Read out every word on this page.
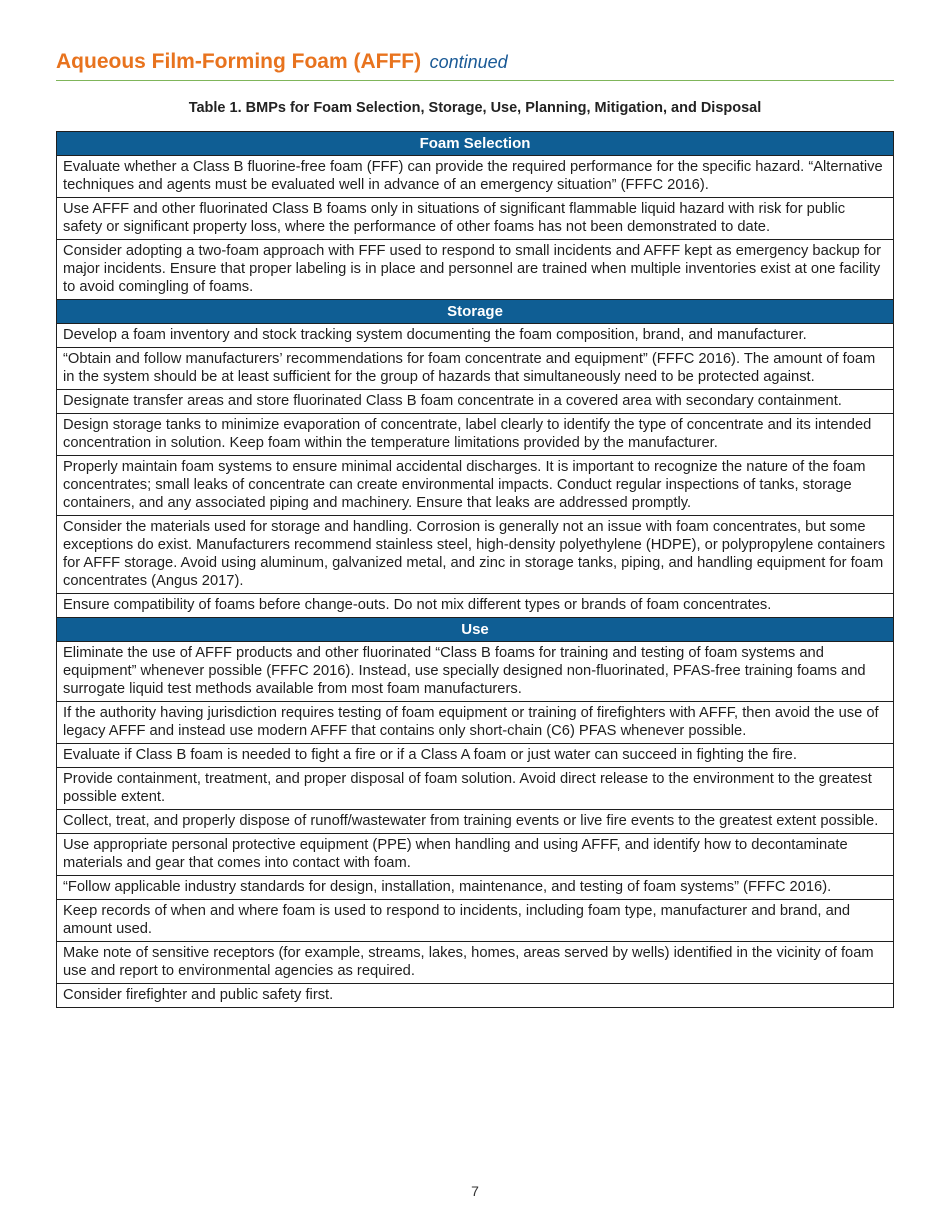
Aqueous Film-Forming Foam (AFFF) continued
Table 1. BMPs for Foam Selection, Storage, Use, Planning, Mitigation, and Disposal
Foam Selection
Evaluate whether a Class B fluorine-free foam (FFF) can provide the required performance for the specific hazard. “Alternative techniques and agents must be evaluated well in advance of an emergency situation” (FFFC 2016).
Use AFFF and other fluorinated Class B foams only in situations of significant flammable liquid hazard with risk for public safety or significant property loss, where the performance of other foams has not been demonstrated to date.
Consider adopting a two-foam approach with FFF used to respond to small incidents and AFFF kept as emergency backup for major incidents. Ensure that proper labeling is in place and personnel are trained when multiple inventories exist at one facility to avoid comingling of foams.
Storage
Develop a foam inventory and stock tracking system documenting the foam composition, brand, and manufacturer.
“Obtain and follow manufacturers’ recommendations for foam concentrate and equipment” (FFFC 2016). The amount of foam in the system should be at least sufficient for the group of hazards that simultaneously need to be protected against.
Designate transfer areas and store fluorinated Class B foam concentrate in a covered area with secondary containment.
Design storage tanks to minimize evaporation of concentrate, label clearly to identify the type of concentrate and its intended concentration in solution. Keep foam within the temperature limitations provided by the manufacturer.
Properly maintain foam systems to ensure minimal accidental discharges. It is important to recognize the nature of the foam concentrates; small leaks of concentrate can create environmental impacts. Conduct regular inspections of tanks, storage containers, and any associated piping and machinery. Ensure that leaks are addressed promptly.
Consider the materials used for storage and handling. Corrosion is generally not an issue with foam concentrates, but some exceptions do exist. Manufacturers recommend stainless steel, high-density polyethylene (HDPE), or polypropylene containers for AFFF storage. Avoid using aluminum, galvanized metal, and zinc in storage tanks, piping, and handling equipment for foam concentrates (Angus 2017).
Ensure compatibility of foams before change-outs. Do not mix different types or brands of foam concentrates.
Use
Eliminate the use of AFFF products and other fluorinated “Class B foams for training and testing of foam systems and equipment” whenever possible (FFFC 2016). Instead, use specially designed non-fluorinated, PFAS-free training foams and surrogate liquid test methods available from most foam manufacturers.
If the authority having jurisdiction requires testing of foam equipment or training of firefighters with AFFF, then avoid the use of legacy AFFF and instead use modern AFFF that contains only short-chain (C6) PFAS whenever possible.
Evaluate if Class B foam is needed to fight a fire or if a Class A foam or just water can succeed in fighting the fire.
Provide containment, treatment, and proper disposal of foam solution. Avoid direct release to the environment to the greatest possible extent.
Collect, treat, and properly dispose of runoff/wastewater from training events or live fire events to the greatest extent possible.
Use appropriate personal protective equipment (PPE) when handling and using AFFF, and identify how to decontaminate materials and gear that comes into contact with foam.
“Follow applicable industry standards for design, installation, maintenance, and testing of foam systems” (FFFC 2016).
Keep records of when and where foam is used to respond to incidents, including foam type, manufacturer and brand, and amount used.
Make note of sensitive receptors (for example, streams, lakes, homes, areas served by wells) identified in the vicinity of foam use and report to environmental agencies as required.
Consider firefighter and public safety first.
7
